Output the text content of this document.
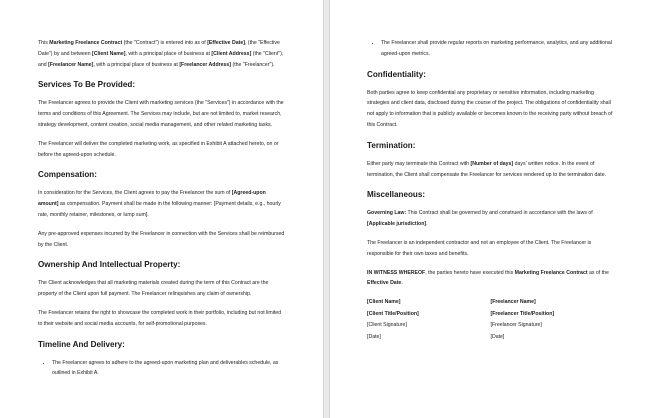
This Marketing Freelance Contract (the "Contract") is entered into as of [Effective Date], (the "Effective Date") by and between [Client Name], with a principal place of business at [Client Address] (the "Client"), and [Freelancer Name], with a principal place of business at [Freelancer Address] (the "Freelancer").

Services To Be Provided:

The Freelancer agrees to provide the Client with marketing services (the "Services") in accordance with the terms and conditions of this Agreement. The Services may include, but are not limited to, market research, strategy development, content creation, social media management, and other related marketing tasks.

The Freelancer will deliver the completed marketing work, as specified in Exhibit A attached hereto, on or before the agreed-upon schedule.

Compensation:

In consideration for the Services, the Client agrees to pay the Freelancer the sum of [Agreed-upon amount] as compensation. Payment shall be made in the following manner: [Payment details, e.g., hourly rate, monthly retainer, milestones, or lump sum].

Any pre-approved expenses incurred by the Freelancer in connection with the Services shall be reimbursed by the Client.

Ownership And Intellectual Property:

The Client acknowledges that all marketing materials created during the term of this Contract are the property of the Client upon full payment. The Freelancer relinquishes any claim of ownership.

The Freelancer retains the right to showcase the completed work in their portfolio, including but not limited to their website and social media accounts, for self-promotional purposes.

Timeline And Delivery:
• The Freelancer agrees to adhere to the agreed-upon marketing plan and deliverables schedule, as outlined in Exhibit A.
• The Freelancer shall provide regular reports on marketing performance, analytics, and any additional agreed-upon metrics.
Confidentiality:

Both parties agree to keep confidential any proprietary or sensitive information, including marketing strategies and client data, disclosed during the course of the project. The obligations of confidentiality shall not apply to information that is publicly available or becomes known to the receiving party without breach of this Contract.

Termination:

Either party may terminate this Contract with [Number of days] days' written notice. In the event of termination, the Client shall compensate the Freelancer for services rendered up to the termination date.

Miscellaneous:

Governing Law: This Contract shall be governed by and construed in accordance with the laws of [Applicable jurisdiction].

The Freelancer is an independent contractor and not an employee of the Client. The Freelancer is responsible for their own taxes and benefits.

IN WITNESS WHEREOF, the parties hereto have executed this Marketing Freelance Contract as of the Effective Date.

[Client Name]
[Client Title/Position]
[Client Signature]
[Date]
[Freelancer Name]
[Freelancer Title/Position]
[Freelancer Signature]
[Date]
